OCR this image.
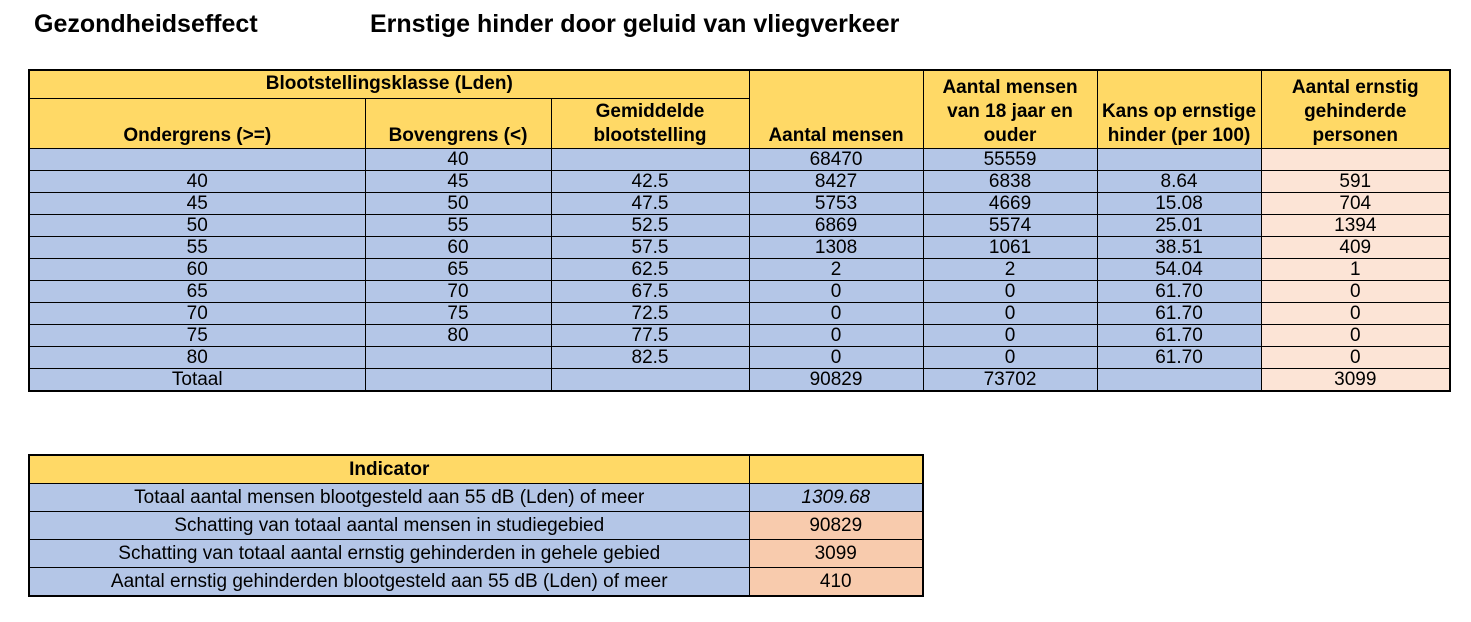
Gezondheidseffect	Ernstige hinder door geluid van vliegverkeer
Blootstellingsklasse (Lden)			Aantal mensen	Aantal mensen van 18 jaar en ouder	Kans op ernstige hinder (per 100)	Aantal ernstig gehinderde personen
Ondergrens (>=)	Bovengrens (<)	Gemiddelde blootstelling				
	40		68470	55559		
40	45	42.5	8427	6838	8.64	591
45	50	47.5	5753	4669	15.08	704
50	55	52.5	6869	5574	25.01	1394
55	60	57.5	1308	1061	38.51	409
60	65	62.5	2	2	54.04	1
65	70	67.5	0	0	61.70	0
70	75	72.5	0	0	61.70	0
75	80	77.5	0	0	61.70	0
80		82.5	0	0	61.70	0
Totaal			90829	73702		3099
Indicator	
Totaal aantal mensen blootgesteld aan 55 dB (Lden) of meer	1309.68
Schatting van totaal aantal mensen in studiegebied	90829
Schatting van totaal aantal ernstig gehinderden in gehele gebied	3099
Aantal ernstig gehinderden blootgesteld aan 55 dB (Lden) of meer	410
